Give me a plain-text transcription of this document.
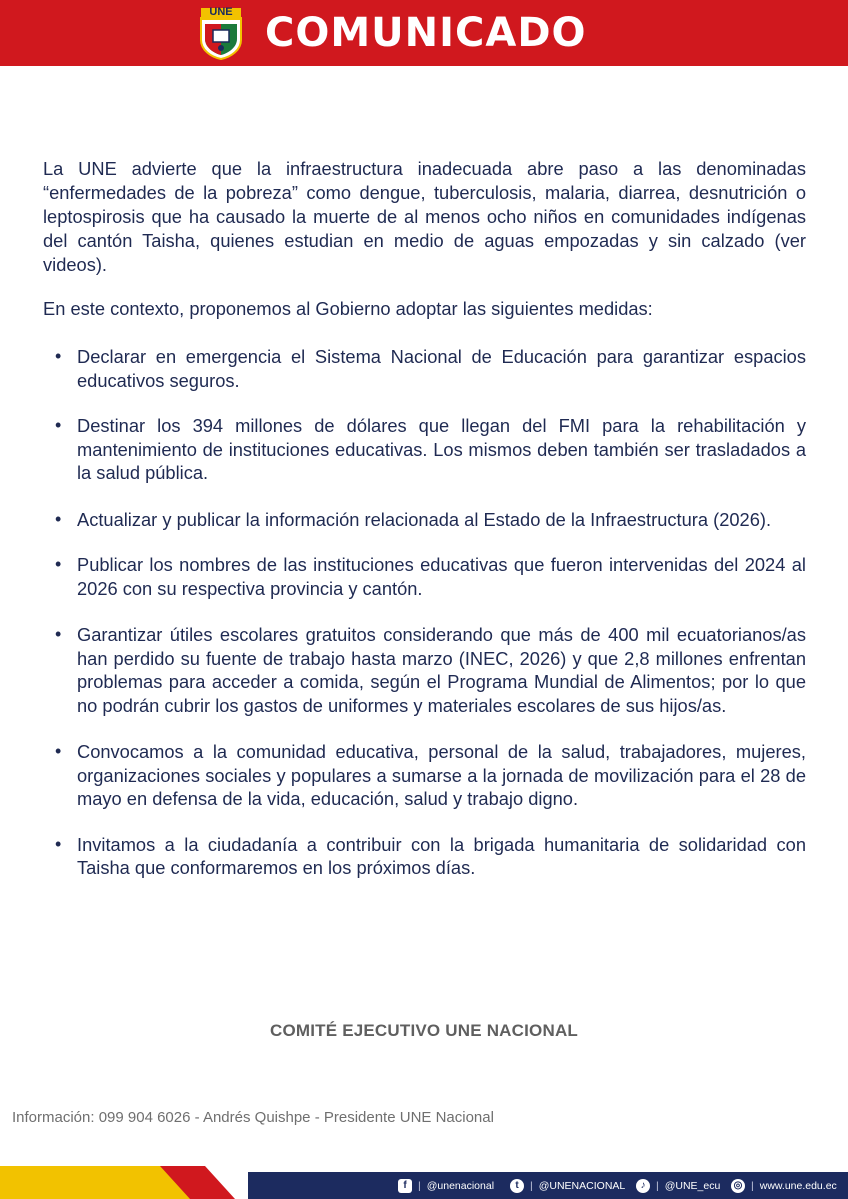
UNE COMUNICADO

La UNE advierte que la infraestructura inadecuada abre paso a las denominadas “enfermedades de la pobreza” como dengue, tuberculosis, malaria, diarrea, desnutrición o leptospirosis que ha causado la muerte de al menos ocho niños en comunidades indígenas del cantón Taisha, quienes estudian en medio de aguas empozadas y sin calzado (ver videos).

En este contexto, proponemos al Gobierno adoptar las siguientes medidas:

• Declarar en emergencia el Sistema Nacional de Educación para garantizar espacios educativos seguros.
• Destinar los 394 millones de dólares que llegan del FMI para la rehabilitación y mantenimiento de instituciones educativas. Los mismos deben también ser trasladados a la salud pública.
• Actualizar y publicar la información relacionada al Estado de la Infraestructura (2026).
• Publicar los nombres de las instituciones educativas que fueron intervenidas del 2024 al 2026 con su respectiva provincia y cantón.
• Garantizar útiles escolares gratuitos considerando que más de 400 mil ecuatorianos/as han perdido su fuente de trabajo hasta marzo (INEC, 2026) y que 2,8 millones enfrentan problemas para acceder a comida, según el Programa Mundial de Alimentos; por lo que no podrán cubrir los gastos de uniformes y materiales escolares de sus hijos/as.
• Convocamos a la comunidad educativa, personal de la salud, trabajadores, mujeres, organizaciones sociales y populares a sumarse a la jornada de movilización para el 28 de mayo en defensa de la vida, educación, salud y trabajo digno.
• Invitamos a la ciudadanía a contribuir con la brigada humanitaria de solidaridad con Taisha que conformaremos en los próximos días.
COMITÉ EJECUTIVO UNE NACIONAL
Información: 099 904 6026 - Andrés Quishpe - Presidente UNE Nacional
f	| @unenacional	t	| @UNENACIONAL	♪	| @UNE_ecu ◎ | www.une.edu.ec
